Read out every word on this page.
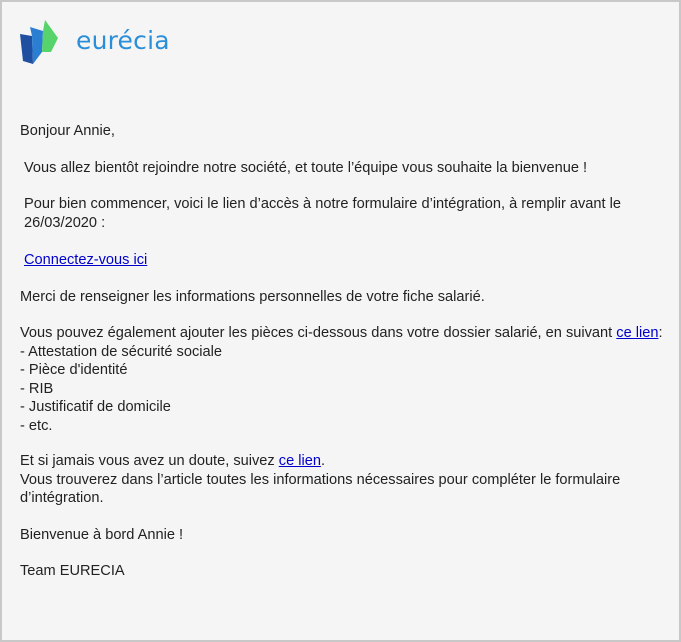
eurécia

Bonjour Annie,

Vous allez bientôt rejoindre notre société, et toute l’équipe vous souhaite la bienvenue !

Pour bien commencer, voici le lien d’accès à notre formulaire d’intégration, à remplir avant le 26/03/2020 :

Connectez-vous ici

Merci de renseigner les informations personnelles de votre fiche salarié.

Vous pouvez également ajouter les pièces ci-dessous dans votre dossier salarié, en suivant ce lien:

- Attestation de sécurité sociale

- Pièce d'identité

- RIB

- Justificatif de domicile

- etc.

Et si jamais vous avez un doute, suivez ce lien.

Vous trouverez dans l’article toutes les informations nécessaires pour compléter le formulaire d’intégration.

Bienvenue à bord Annie !

Team EURECIA
